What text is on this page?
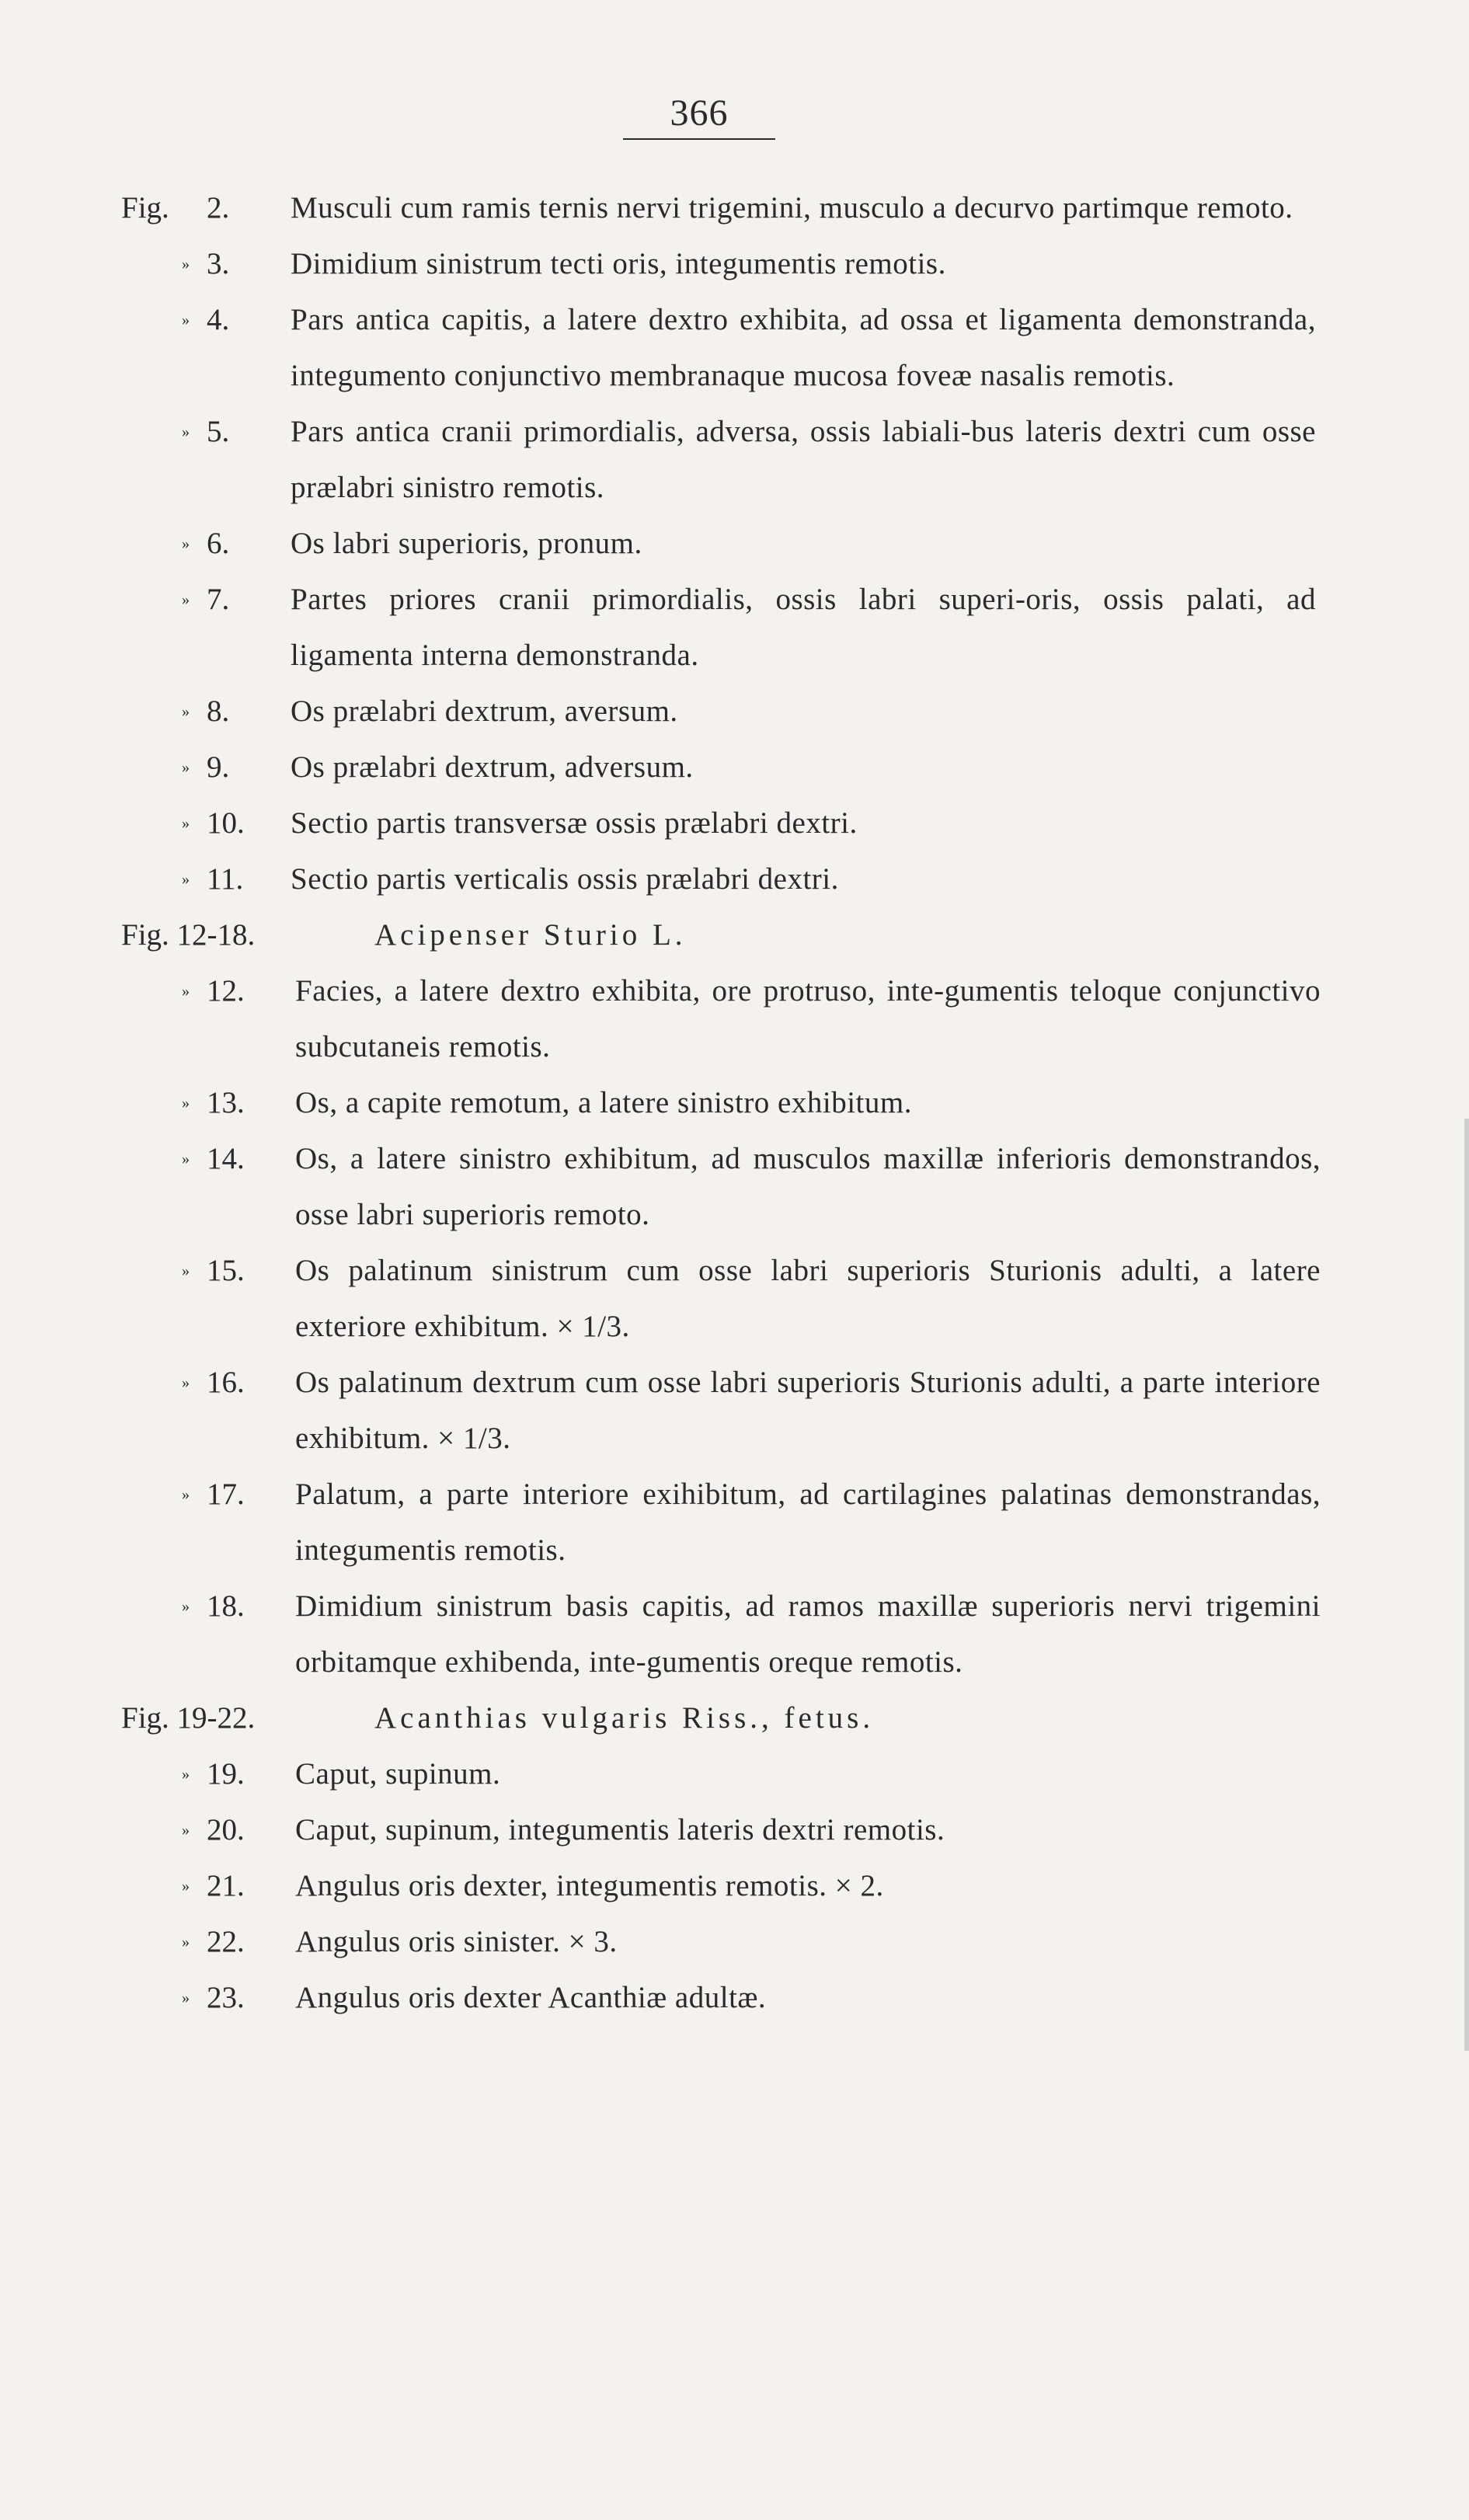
366
Fig. 2. Musculi cum ramis ternis nervi trigemini, musculo a decurvo partimque remoto.
» 3. Dimidium sinistrum tecti oris, integumentis remotis.
» 4. Pars antica capitis, a latere dextro exhibita, ad ossa et ligamenta demonstranda, integumento conjunctivo membranaque mucosa foveæ nasalis remotis.
» 5. Pars antica cranii primordialis, adversa, ossis labiali-bus lateris dextri cum osse prælabri sinistro remotis.
» 6. Os labri superioris, pronum.
» 7. Partes priores cranii primordialis, ossis labri superi-oris, ossis palati, ad ligamenta interna demonstranda.
» 8. Os prælabri dextrum, aversum.
» 9. Os prælabri dextrum, adversum.
» 10. Sectio partis transversæ ossis prælabri dextri.
» 11. Sectio partis verticalis ossis prælabri dextri.
Fig. 12-18.	Acipenser Sturio L.
» 12. Facies, a latere dextro exhibita, ore protruso, inte-gumentis teloque conjunctivo subcutaneis remotis.
» 13. Os, a capite remotum, a latere sinistro exhibitum.
» 14. Os, a latere sinistro exhibitum, ad musculos maxillæ inferioris demonstrandos, osse labri superioris remoto.
» 15. Os palatinum sinistrum cum osse labri superioris Sturionis adulti, a latere exteriore exhibitum. × 1/3.
» 16. Os palatinum dextrum cum osse labri superioris Sturionis adulti, a parte interiore exhibitum. × 1/3.
» 17. Palatum, a parte interiore exihibitum, ad cartilagines palatinas demonstrandas, integumentis remotis.
» 18. Dimidium sinistrum basis capitis, ad ramos maxillæ superioris nervi trigemini orbitamque exhibenda, inte-gumentis oreque remotis.
Fig. 19-22.	Acanthias vulgaris Riss., fetus.
» 19. Caput, supinum.
» 20. Caput, supinum, integumentis lateris dextri remotis.
» 21. Angulus oris dexter, integumentis remotis. × 2.
» 22. Angulus oris sinister. × 3.
» 23. Angulus oris dexter Acanthiæ adultæ.
